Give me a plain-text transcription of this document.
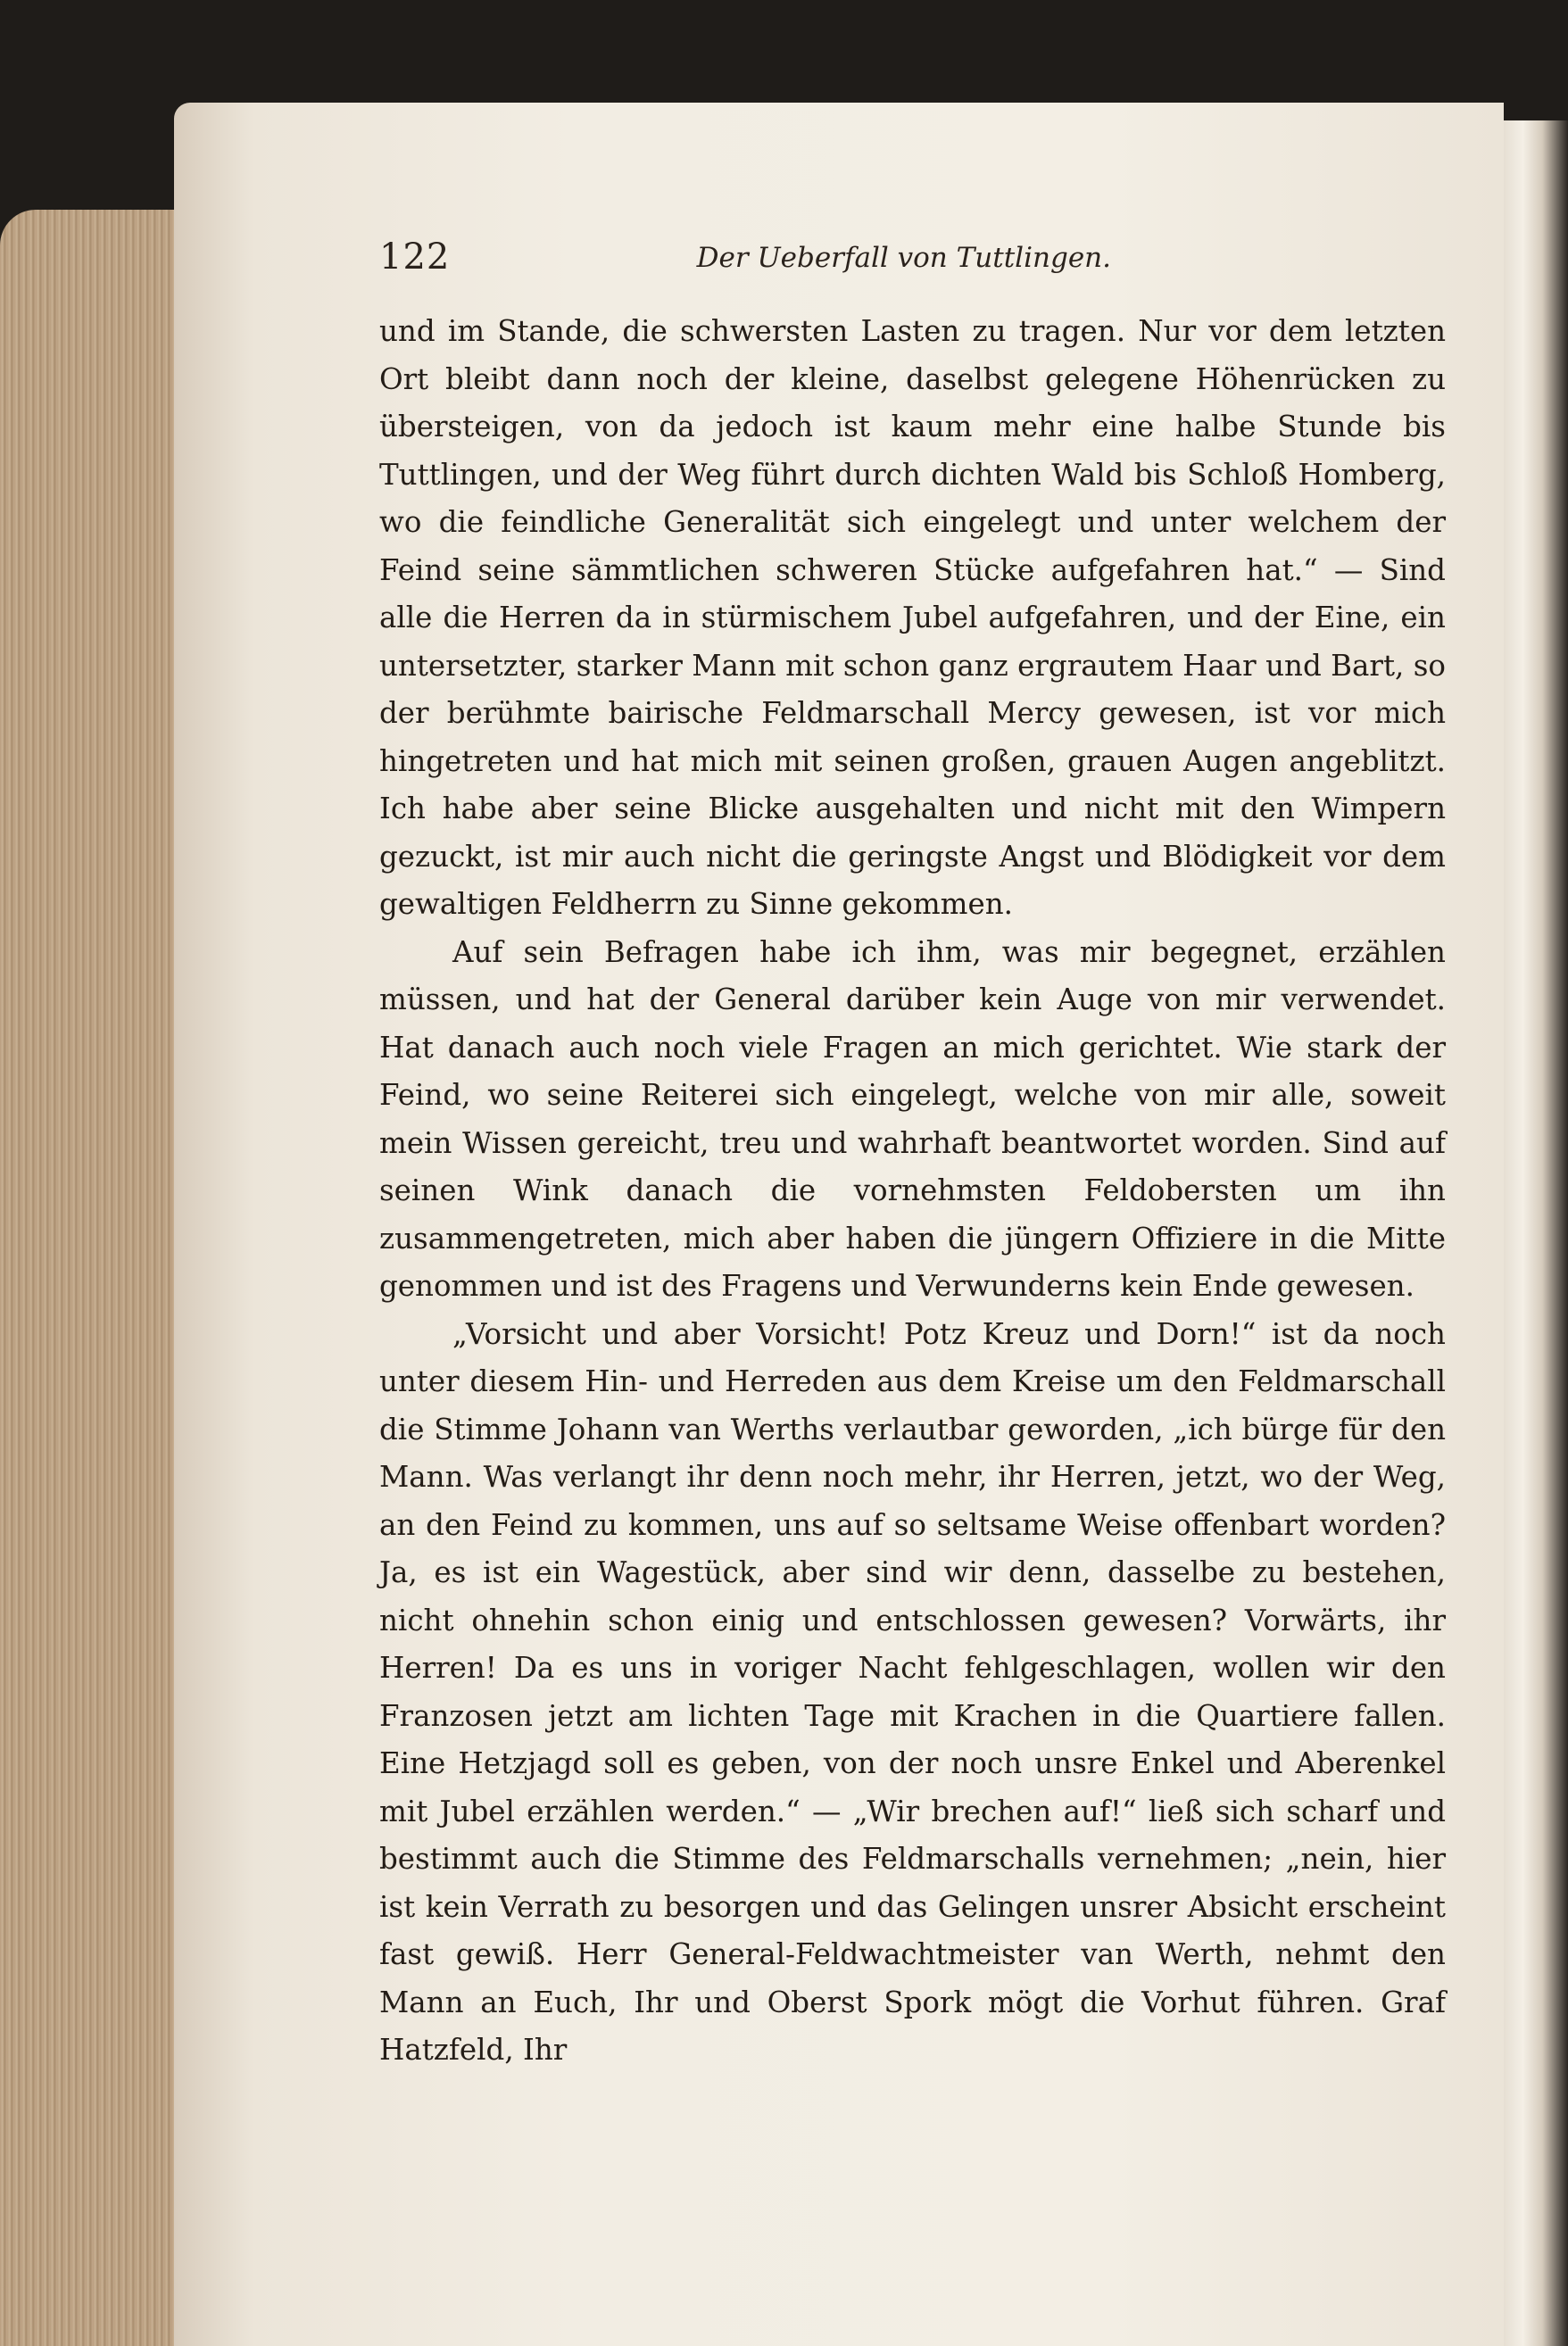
122	Der Ueberfall von Tuttlingen.

und im Stande, die schwersten Lasten zu tragen. Nur vor dem letzten Ort bleibt dann noch der kleine, daselbst gelegene Höhenrücken zu übersteigen, von da jedoch ist kaum mehr eine halbe Stunde bis Tuttlingen, und der Weg führt durch dichten Wald bis Schloß Homberg, wo die feindliche Generalität sich eingelegt und unter welchem der Feind seine sämmtlichen schweren Stücke aufgefahren hat.“ — Sind alle die Herren da in stürmischem Jubel aufgefahren, und der Eine, ein untersetzter, starker Mann mit schon ganz ergrautem Haar und Bart, so der berühmte bairische Feldmarschall Mercy gewesen, ist vor mich hingetreten und hat mich mit seinen großen, grauen Augen angeblitzt. Ich habe aber seine Blicke ausgehalten und nicht mit den Wimpern gezuckt, ist mir auch nicht die geringste Angst und Blödigkeit vor dem gewaltigen Feldherrn zu Sinne gekommen.

Auf sein Befragen habe ich ihm, was mir begegnet, erzählen müssen, und hat der General darüber kein Auge von mir verwendet. Hat danach auch noch viele Fragen an mich gerichtet. Wie stark der Feind, wo seine Reiterei sich eingelegt, welche von mir alle, soweit mein Wissen gereicht, treu und wahrhaft beantwortet worden. Sind auf seinen Wink danach die vornehmsten Feldobersten um ihn zusammengetreten, mich aber haben die jüngern Offiziere in die Mitte genommen und ist des Fragens und Verwunderns kein Ende gewesen.

„Vorsicht und aber Vorsicht! Potz Kreuz und Dorn!“ ist da noch unter diesem Hin- und Herreden aus dem Kreise um den Feldmarschall die Stimme Johann van Werths verlautbar geworden, „ich bürge für den Mann. Was verlangt ihr denn noch mehr, ihr Herren, jetzt, wo der Weg, an den Feind zu kommen, uns auf so seltsame Weise offenbart worden? Ja, es ist ein Wagestück, aber sind wir denn, dasselbe zu bestehen, nicht ohnehin schon einig und entschlossen gewesen? Vorwärts, ihr Herren! Da es uns in voriger Nacht fehlgeschlagen, wollen wir den Franzosen jetzt am lichten Tage mit Krachen in die Quartiere fallen. Eine Hetzjagd soll es geben, von der noch unsre Enkel und Aberenkel mit Jubel erzählen werden.“ — „Wir brechen auf!“ ließ sich scharf und bestimmt auch die Stimme des Feldmarschalls vernehmen; „nein, hier ist kein Verrath zu besorgen und das Gelingen unsrer Absicht erscheint fast gewiß. Herr General-Feldwachtmeister van Werth, nehmt den Mann an Euch, Ihr und Oberst Spork mögt die Vorhut führen. Graf Hatzfeld, Ihr
